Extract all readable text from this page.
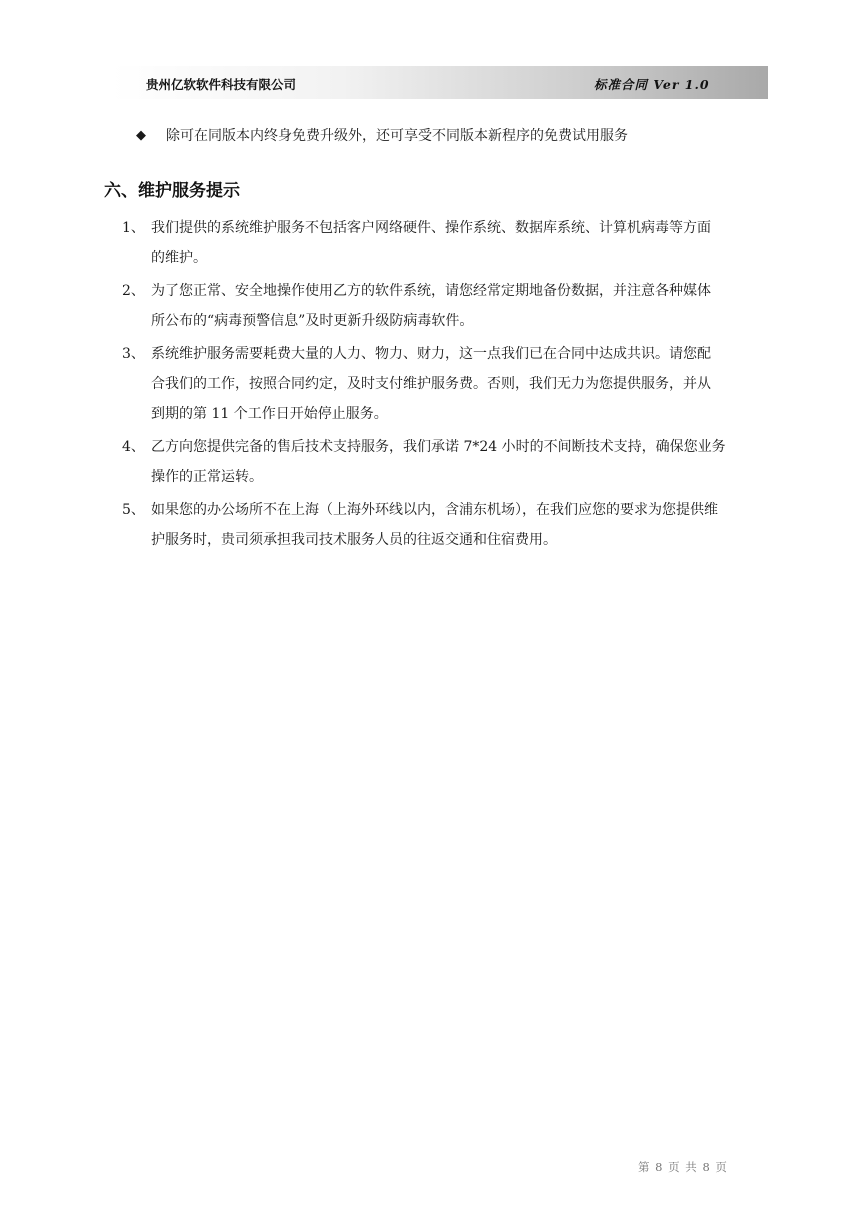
贵州亿软软件科技有限公司	标准合同 Ver 1.0
◆	除可在同版本内终身免费升级外，还可享受不同版本新程序的免费试用服务
六、维护服务提示
1、 我们提供的系统维护服务不包括客户网络硬件、操作系统、数据库系统、计算机病毒等方面
的维护。
2、 为了您正常、安全地操作使用乙方的软件系统，请您经常定期地备份数据，并注意各种媒体
所公布的“病毒预警信息”及时更新升级防病毒软件。
3、 系统维护服务需要耗费大量的人力、物力、财力，这一点我们已在合同中达成共识。请您配
合我们的工作，按照合同约定，及时支付维护服务费。否则，我们无力为您提供服务，并从
到期的第 11 个工作日开始停止服务。
4、 乙方向您提供完备的售后技术支持服务，我们承诺 7*24 小时的不间断技术支持，确保您业务
操作的正常运转。
5、 如果您的办公场所不在上海（上海外环线以内，含浦东机场），在我们应您的要求为您提供维
护服务时，贵司须承担我司技术服务人员的往返交通和住宿费用。
第 8 页 共 8 页
